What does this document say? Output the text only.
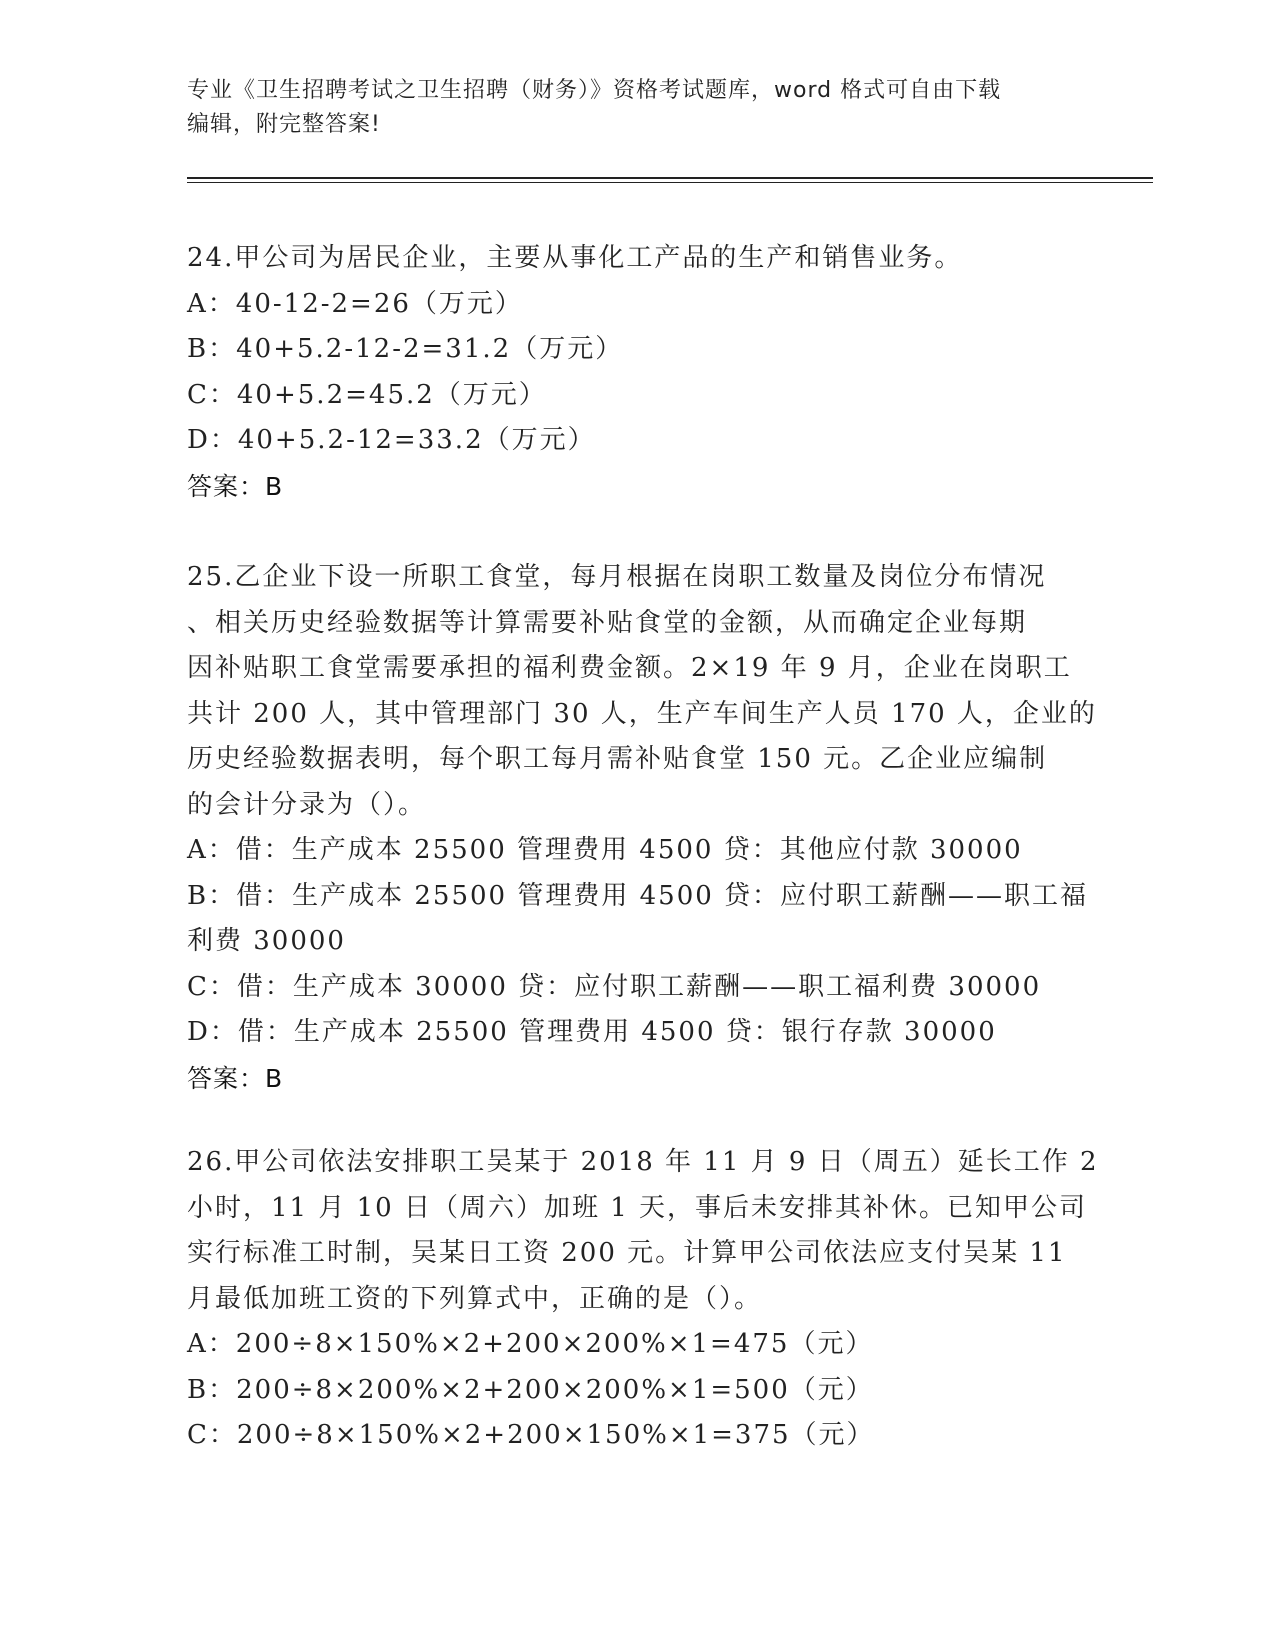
专业《卫生招聘考试之卫生招聘（财务）》资格考试题库，word 格式可自由下载
编辑，附完整答案!
24.甲公司为居民企业，主要从事化工产品的生产和销售业务。
A：40-12-2=26（万元）
B：40+5.2-12-2=31.2（万元）
C：40+5.2=45.2（万元）
D：40+5.2-12=33.2（万元）
答案：B
25.乙企业下设一所职工食堂，每月根据在岗职工数量及岗位分布情况
、相关历史经验数据等计算需要补贴食堂的金额，从而确定企业每期
因补贴职工食堂需要承担的福利费金额。2×19 年 9 月，企业在岗职工
共计 200 人，其中管理部门 30 人，生产车间生产人员 170 人，企业的
历史经验数据表明，每个职工每月需补贴食堂 150 元。乙企业应编制
的会计分录为（）。
A：借：生产成本 25500 管理费用 4500 贷：其他应付款 30000
B：借：生产成本 25500 管理费用 4500 贷：应付职工薪酬——职工福
利费 30000
C：借：生产成本 30000 贷：应付职工薪酬——职工福利费 30000
D：借：生产成本 25500 管理费用 4500 贷：银行存款 30000
答案：B
26.甲公司依法安排职工吴某于 2018 年 11 月 9 日（周五）延长工作 2
小时，11 月 10 日（周六）加班 1 天，事后未安排其补休。已知甲公司
实行标准工时制，吴某日工资 200 元。计算甲公司依法应支付吴某 11
月最低加班工资的下列算式中，正确的是（）。
A：200÷8×150%×2+200×200%×1=475（元）
B：200÷8×200%×2+200×200%×1=500（元）
C：200÷8×150%×2+200×150%×1=375（元）
